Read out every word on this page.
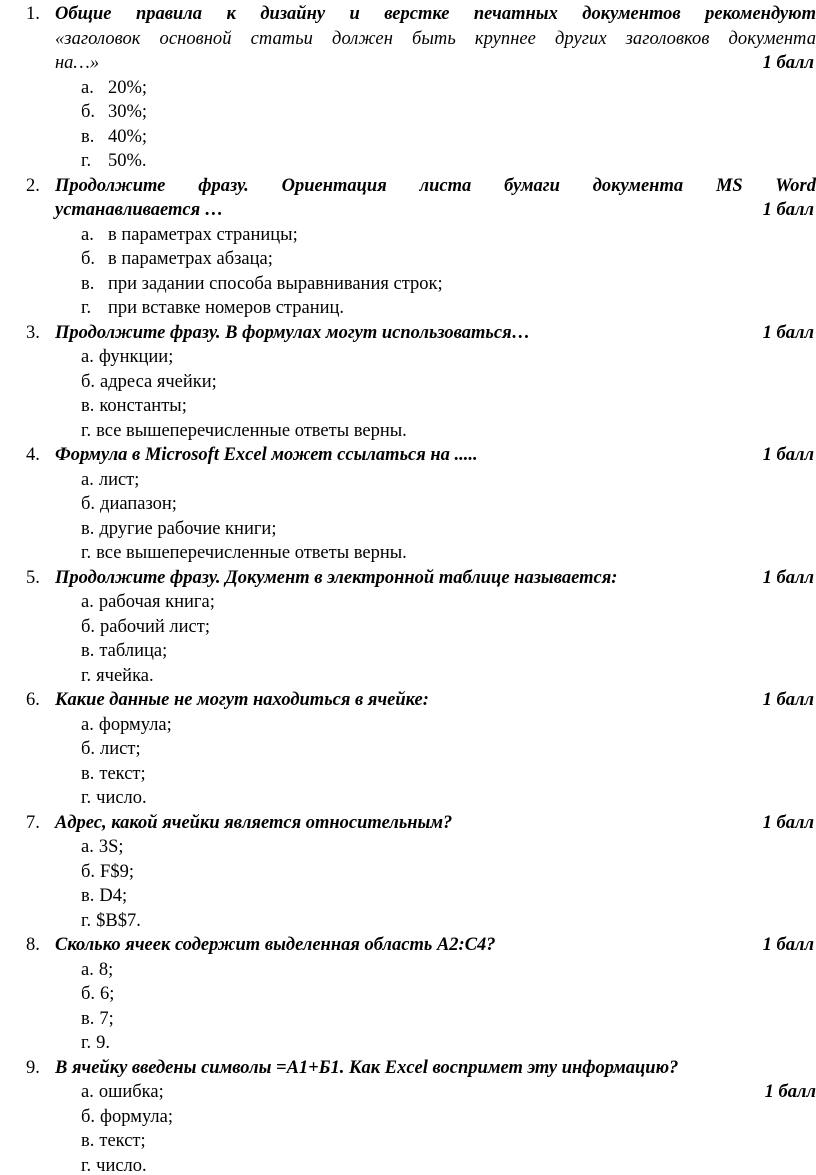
1. Общие правила к дизайну и верстке печатных документов рекомендуют
«заголовок основной статьи должен быть крупнее других заголовков документа
на…»	1 балл
а. 20%;
б. 30%;
в. 40%;
г. 50%.
2. Продолжите фразу. Ориентация листа бумаги документа MS Word
устанавливается …	1 балл
а. в параметрах страницы;
б. в параметрах абзаца;
в. при задании способа выравнивания строк;
г. при вставке номеров страниц.
3. Продолжите фразу. В формулах могут использоваться…	1 балл
а. функции;
б. адреса ячейки;
в. константы;
г. все вышеперечисленные ответы верны.
4. Формула в Microsoft Excel может ссылаться на .....	1 балл
а. лист;
б. диапазон;
в. другие рабочие книги;
г. все вышеперечисленные ответы верны.
5. Продолжите фразу. Документ в электронной таблице называется:	1 балл
а. рабочая книга;
б. рабочий лист;
в. таблица;
г. ячейка.
6. Какие данные не могут находиться в ячейке:	1 балл
а. формула;
б. лист;
в. текст;
г. число.
7. Адрес, какой ячейки является относительным?	1 балл
а. 3S;
б. F$9;
в. D4;
г. $B$7.
8. Сколько ячеек содержит выделенная область А2:С4?	1 балл
а. 8;
б. 6;
в. 7;
г. 9.
9. В ячейку введены символы =А1+Б1. Как Excel воспримет эту информацию?
а. ошибка;	1 балл
б. формула;
в. текст;
г. число.
